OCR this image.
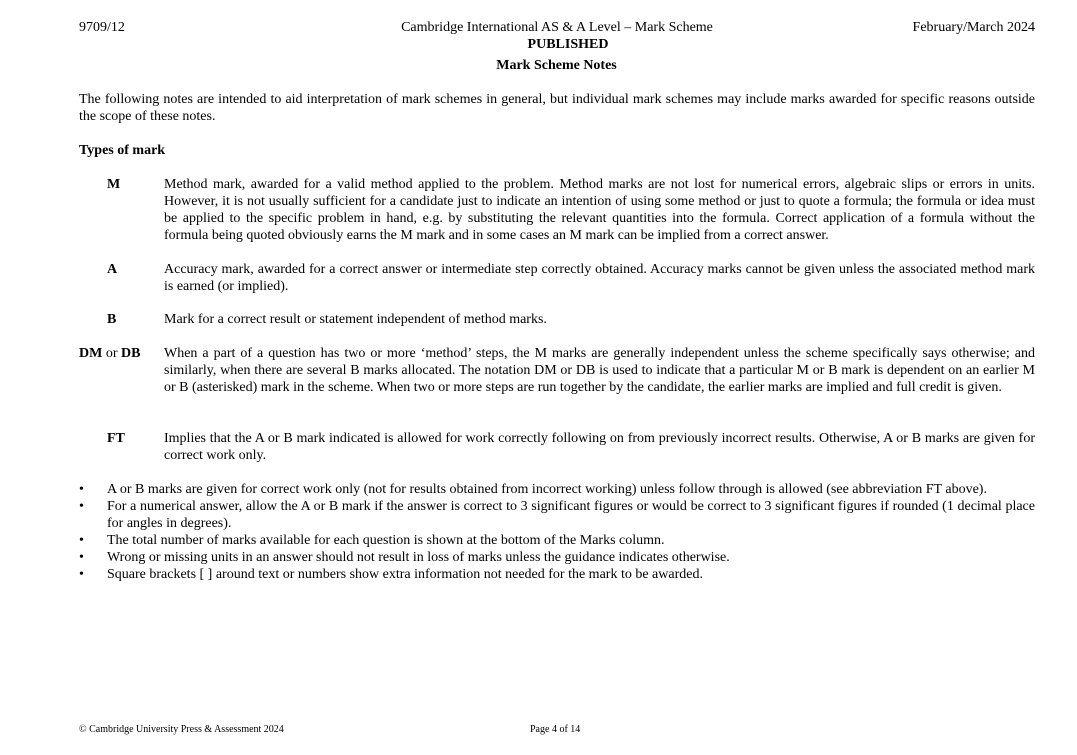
9709/12	Cambridge International AS & A Level – Mark Scheme	February/March 2024
PUBLISHED
Mark Scheme Notes
The following notes are intended to aid interpretation of mark schemes in general, but individual mark schemes may include marks awarded for specific reasons outside the scope of these notes.
Types of mark
M	Method mark, awarded for a valid method applied to the problem. Method marks are not lost for numerical errors, algebraic slips or errors in units. However, it is not usually sufficient for a candidate just to indicate an intention of using some method or just to quote a formula; the formula or idea must be applied to the specific problem in hand, e.g. by substituting the relevant quantities into the formula. Correct application of a formula without the formula being quoted obviously earns the M mark and in some cases an M mark can be implied from a correct answer.
A	Accuracy mark, awarded for a correct answer or intermediate step correctly obtained. Accuracy marks cannot be given unless the associated method mark is earned (or implied).
B	Mark for a correct result or statement independent of method marks.
DM or DB	When a part of a question has two or more ‘method’ steps, the M marks are generally independent unless the scheme specifically says otherwise; and similarly, when there are several B marks allocated. The notation DM or DB is used to indicate that a particular M or B mark is dependent on an earlier M or B (asterisked) mark in the scheme. When two or more steps are run together by the candidate, the earlier marks are implied and full credit is given.
FT	Implies that the A or B mark indicated is allowed for work correctly following on from previously incorrect results. Otherwise, A or B marks are given for correct work only.
• A or B marks are given for correct work only (not for results obtained from incorrect working) unless follow through is allowed (see abbreviation FT above).
• For a numerical answer, allow the A or B mark if the answer is correct to 3 significant figures or would be correct to 3 significant figures if rounded (1 decimal place for angles in degrees).
• The total number of marks available for each question is shown at the bottom of the Marks column.
• Wrong or missing units in an answer should not result in loss of marks unless the guidance indicates otherwise.
• Square brackets [ ] around text or numbers show extra information not needed for the mark to be awarded.
© Cambridge University Press & Assessment 2024	Page 4 of 14
